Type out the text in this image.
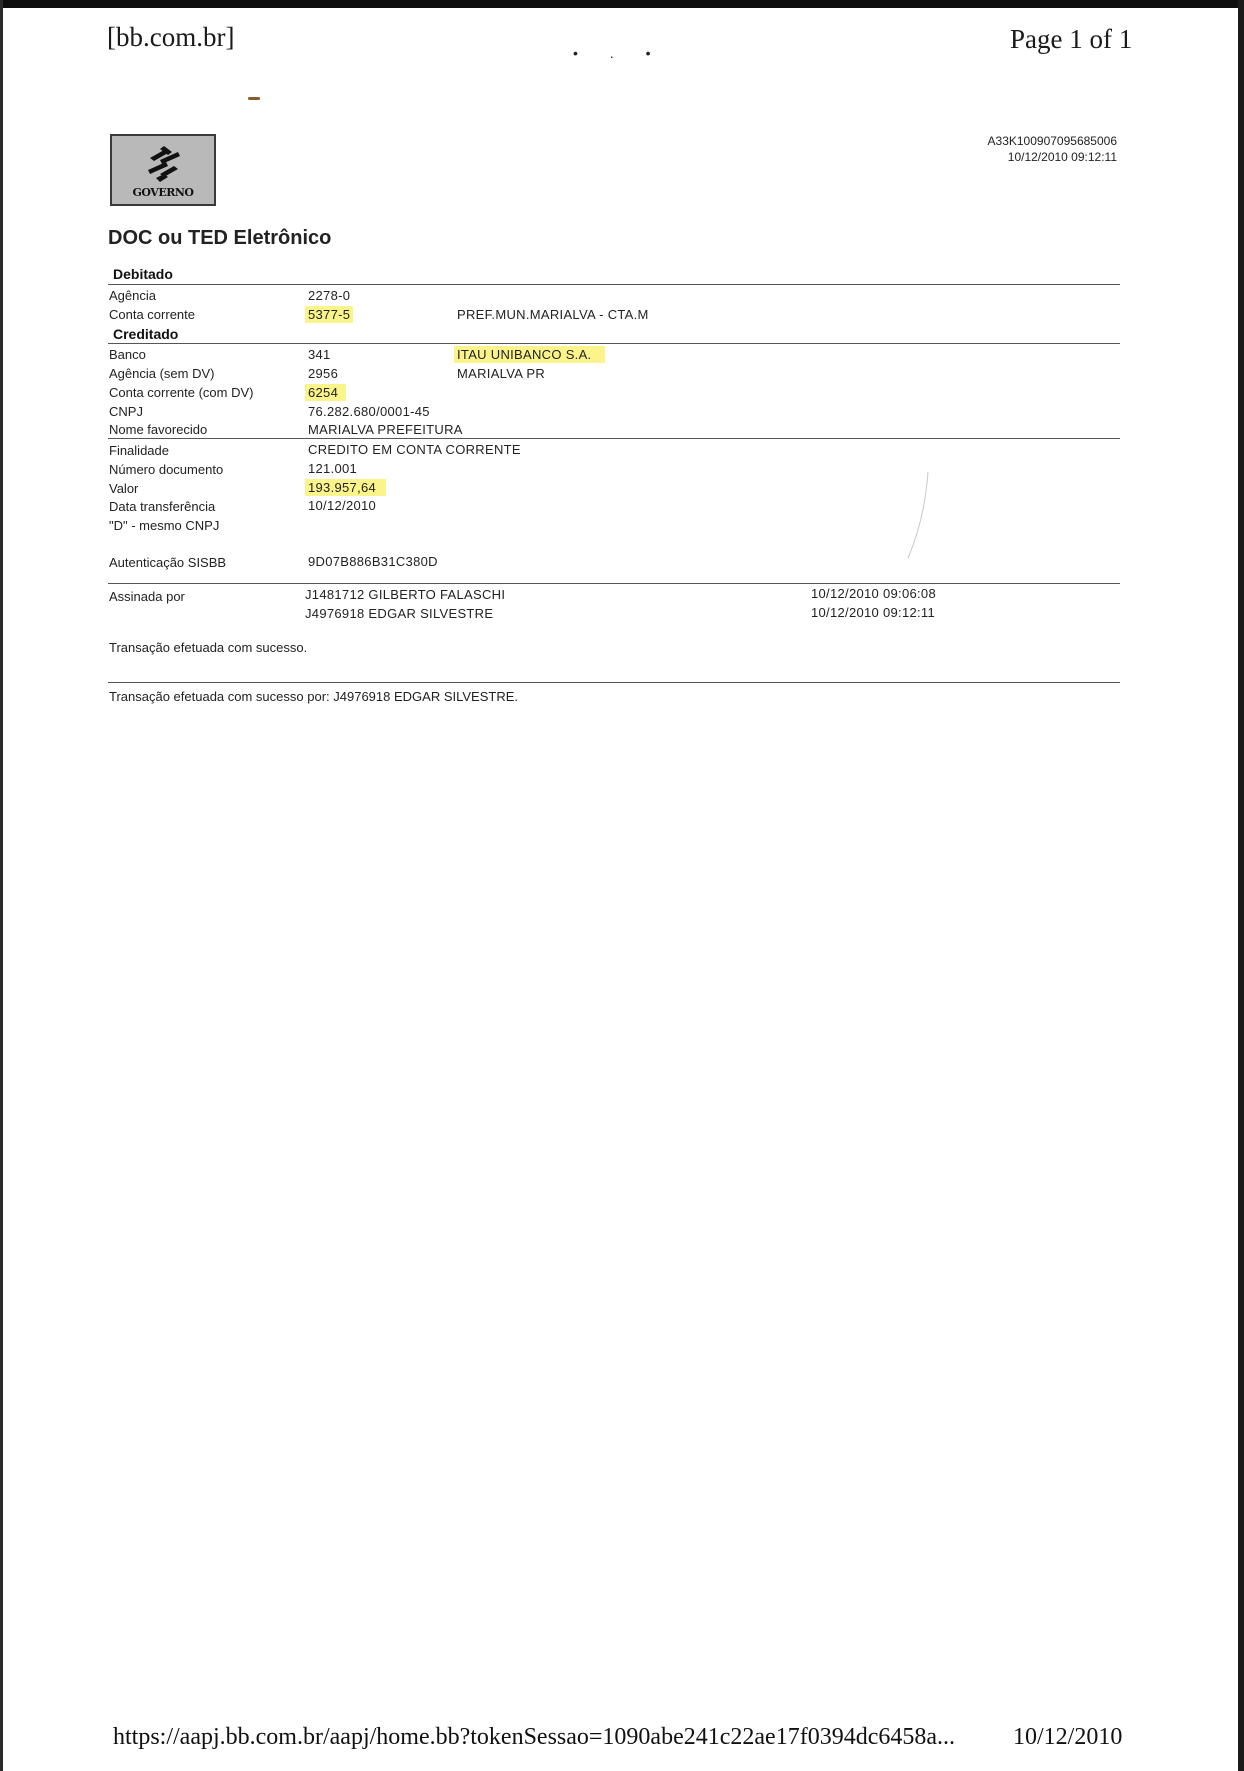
[bb.com.br]	Page 1 of 1
• . •
GOVERNO
A33K100907095685006
10/12/2010 09:12:11
DOC ou TED Eletrônico
Debitado
Agência	2278-0
Conta corrente	5377-5	PREF.MUN.MARIALVA - CTA.M
Creditado
Banco	341	ITAU UNIBANCO S.A.
Agência (sem DV)	2956	MARIALVA PR
Conta corrente (com DV)	6254
CNPJ	76.282.680/0001-45
Nome favorecido	MARIALVA PREFEITURA
Finalidade	CREDITO EM CONTA CORRENTE
Número documento	121.001
Valor	193.957,64
Data transferência	10/12/2010
"D" - mesmo CNPJ
Autenticação SISBB	9D07B886B31C380D
Assinada por	J1481712 GILBERTO FALASCHI	10/12/2010 09:06:08
J4976918 EDGAR SILVESTRE	10/12/2010 09:12:11
Transação efetuada com sucesso.
Transação efetuada com sucesso por: J4976918 EDGAR SILVESTRE.
https://aapj.bb.com.br/aapj/home.bb?tokenSessao=1090abe241c22ae17f0394dc6458a... 10/12/2010
